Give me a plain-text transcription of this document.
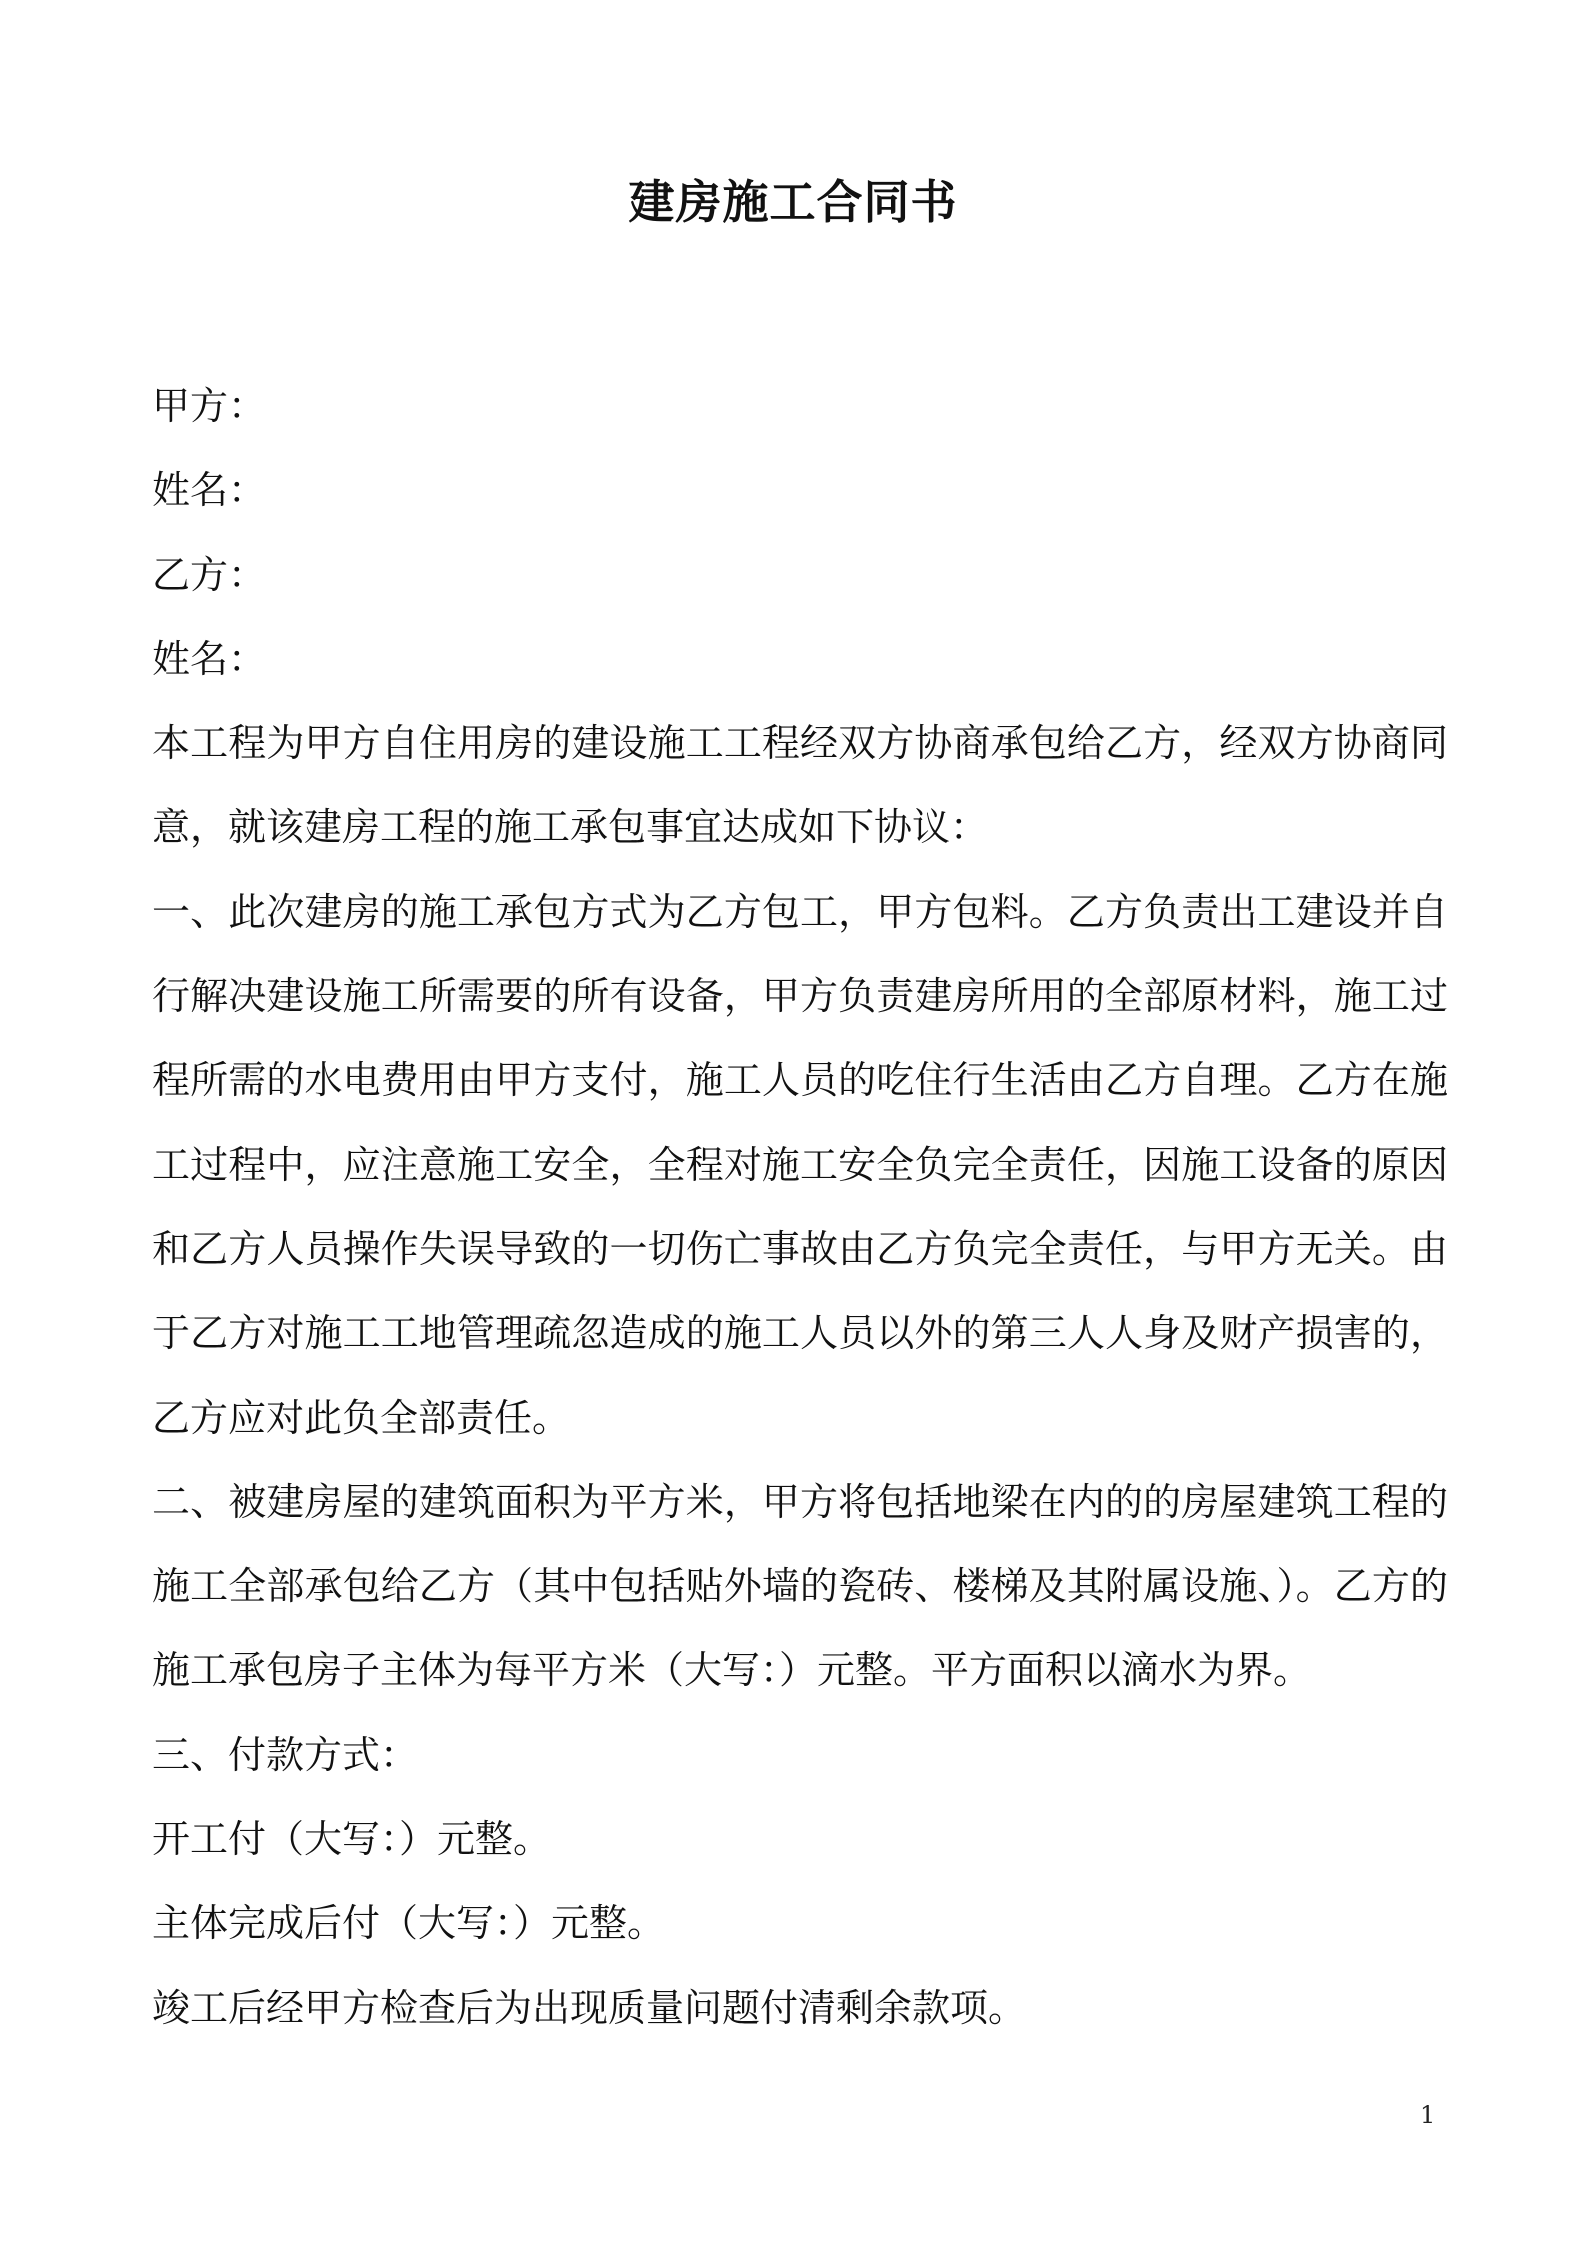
建房施工合同书
甲方：
姓名：
乙方：
姓名：
本工程为甲方自住用房的建设施工工程经双方协商承包给乙方，经双方协商同
意，就该建房工程的施工承包事宜达成如下协议：
一、此次建房的施工承包方式为乙方包工，甲方包料。乙方负责出工建设并自
行解决建设施工所需要的所有设备，甲方负责建房所用的全部原材料，施工过
程所需的水电费用由甲方支付，施工人员的吃住行生活由乙方自理。乙方在施
工过程中，应注意施工安全，全程对施工安全负完全责任，因施工设备的原因
和乙方人员操作失误导致的一切伤亡事故由乙方负完全责任，与甲方无关。由
于乙方对施工工地管理疏忽造成的施工人员以外的第三人人身及财产损害的，
乙方应对此负全部责任。
二、被建房屋的建筑面积为平方米，甲方将包括地梁在内的的房屋建筑工程的
施工全部承包给乙方（其中包括贴外墙的瓷砖、楼梯及其附属设施、）。乙方的
施工承包房子主体为每平方米（大写：）元整。平方面积以滴水为界。
三、付款方式：
开工付（大写：）元整。
主体完成后付（大写：）元整。
竣工后经甲方检查后为出现质量问题付清剩余款项。
1
